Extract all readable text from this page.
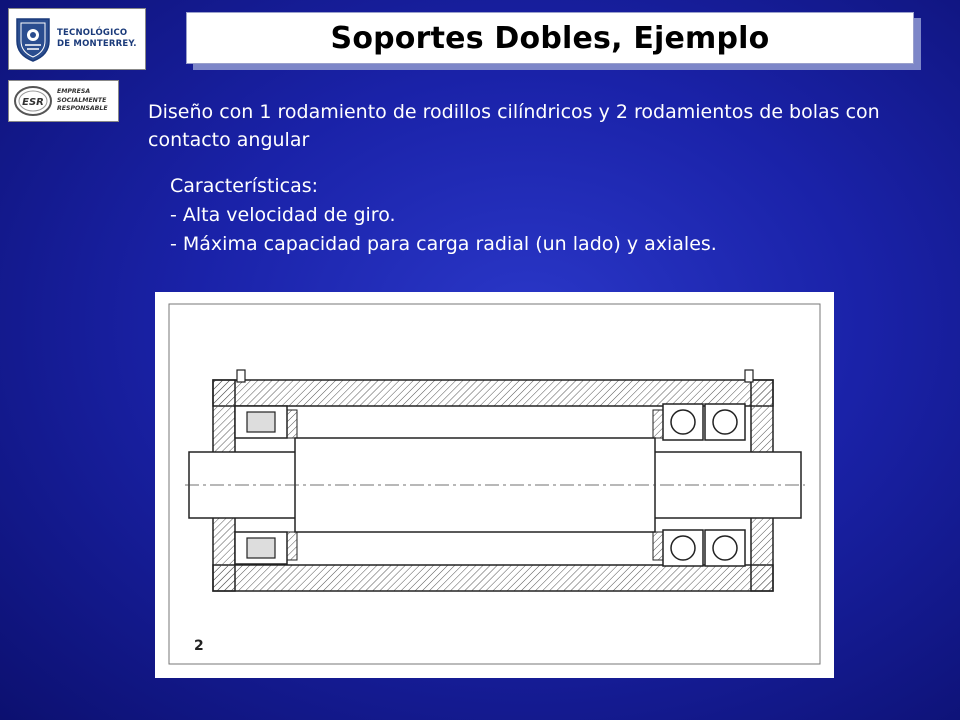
TECNOLÓGICO
DE MONTERREY.
ESR
EMPRESA
SOCIALMENTE
RESPONSABLE
Soportes Dobles, Ejemplo

Diseño con 1 rodamiento de rodillos cilíndricos y 2 rodamientos de bolas con contacto angular

Características:
- Alta velocidad de giro.
- Máxima capacidad para carga radial (un lado) y axiales.
2
